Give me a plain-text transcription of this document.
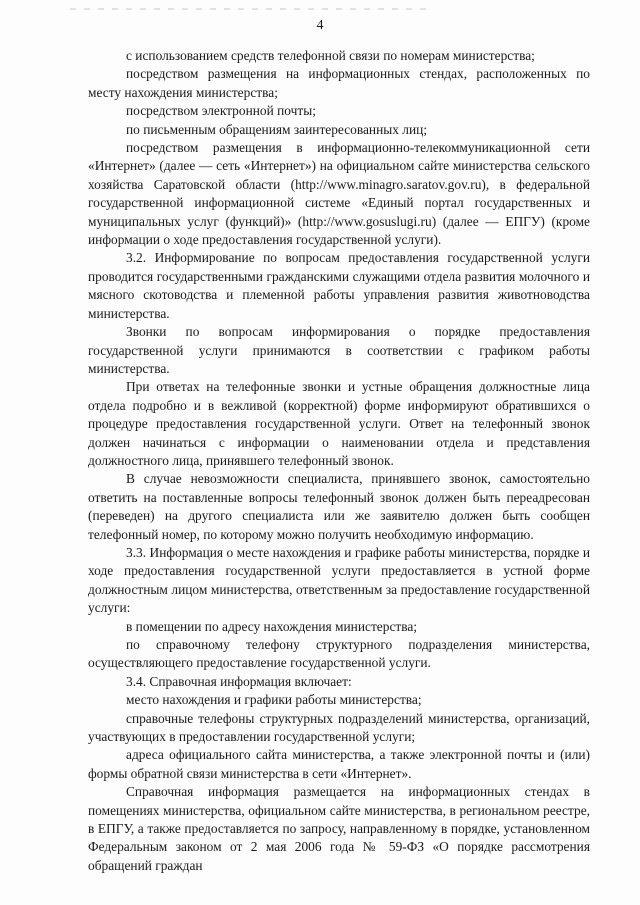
4

с использованием средств телефонной связи по номерам министерства;

посредством размещения на информационных стендах, расположенных по месту нахождения министерства;

посредством электронной почты;

по письменным обращениям заинтересованных лиц;

посредством размещения в информационно-телекоммуникационной сети «Интернет» (далее — сеть «Интернет») на официальном сайте министерства сельского хозяйства Саратовской области (http://www.minagro.saratov.gov.ru), в федеральной государственной информационной системе «Единый портал государственных и муниципальных услуг (функций)» (http://www.gosuslugi.ru) (далее — ЕПГУ) (кроме информации о ходе предоставления государственной услуги).

3.2. Информирование по вопросам предоставления государственной услуги проводится государственными гражданскими служащими отдела развития молочного и мясного скотоводства и племенной работы управления развития животноводства министерства.

Звонки по вопросам информирования о порядке предоставления государственной услуги принимаются в соответствии с графиком работы министерства.

При ответах на телефонные звонки и устные обращения должностные лица отдела подробно и в вежливой (корректной) форме информируют обратившихся о процедуре предоставления государственной услуги. Ответ на телефонный звонок должен начинаться с информации о наименовании отдела и представления должностного лица, принявшего телефонный звонок.

В случае невозможности специалиста, принявшего звонок, самостоятельно ответить на поставленные вопросы телефонный звонок должен быть переадресован (переведен) на другого специалиста или же заявителю должен быть сообщен телефонный номер, по которому можно получить необходимую информацию.

3.3. Информация о месте нахождения и графике работы министерства, порядке и ходе предоставления государственной услуги предоставляется в устной форме должностным лицом министерства, ответственным за предоставление государственной услуги:

в помещении по адресу нахождения министерства;

по справочному телефону структурного подразделения министерства, осуществляющего предоставление государственной услуги.

3.4. Справочная информация включает:

место нахождения и графики работы министерства;

справочные телефоны структурных подразделений министерства, организаций, участвующих в предоставлении государственной услуги;

адреса официального сайта министерства, а также электронной почты и (или) формы обратной связи министерства в сети «Интернет».

Справочная информация размещается на информационных стендах в помещениях министерства, официальном сайте министерства, в региональном реестре, в ЕПГУ, а также предоставляется по запросу, направленному в порядке, установленном Федеральным законом от 2 мая 2006 года № 59-ФЗ «О порядке рассмотрения обращений граждан
